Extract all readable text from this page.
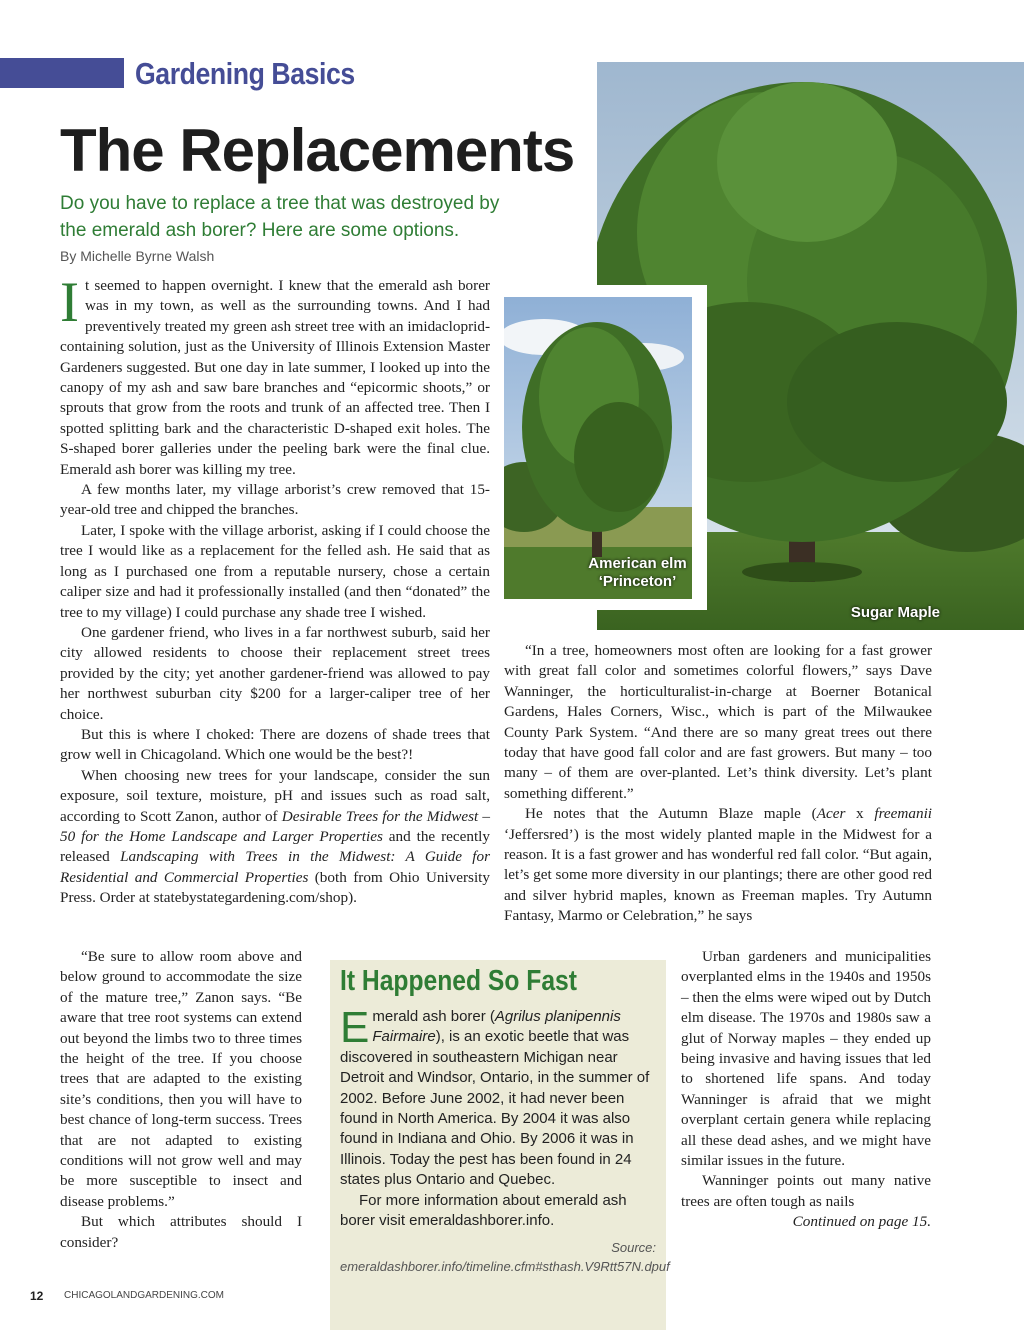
Gardening Basics
The Replacements
Do you have to replace a tree that was destroyed by the emerald ash borer? Here are some options.
By Michelle Byrne Walsh
American elm
‘Princeton’
Sugar Maple

It seemed to happen overnight. I knew that the emerald ash borer was in my town, as well as the surrounding towns. And I had preventively treated my green ash street tree with an imidacloprid-containing solution, just as the University of Illinois Extension Master Gardeners suggested. But one day in late summer, I looked up into the canopy of my ash and saw bare branches and “epicormic shoots,” or sprouts that grow from the roots and trunk of an affected tree. Then I spotted splitting bark and the characteristic D-shaped exit holes. The S-shaped borer galleries under the peeling bark were the final clue. Emerald ash borer was killing my tree.

A few months later, my village arborist’s crew removed that 15-year-old tree and chipped the branches.

Later, I spoke with the village arborist, asking if I could choose the tree I would like as a replacement for the felled ash. He said that as long as I purchased one from a reputable nursery, chose a certain caliper size and had it professionally installed (and then “donated” the tree to my village) I could purchase any shade tree I wished.

One gardener friend, who lives in a far northwest suburb, said her city allowed residents to choose their replacement street trees provided by the city; yet another gardener-friend was allowed to pay her northwest suburban city $200 for a larger-caliper tree of her choice.

But this is where I choked: There are dozens of shade trees that grow well in Chicagoland. Which one would be the best?!

When choosing new trees for your landscape, consider the sun exposure, soil texture, moisture, pH and issues such as road salt, according to Scott Zanon, author of Desirable Trees for the Midwest – 50 for the Home Landscape and Larger Properties and the recently released Landscaping with Trees in the Midwest: A Guide for Residential and Commercial Properties (both from Ohio University Press. Order at statebystategardening.com/shop).

“Be sure to allow room above and below ground to accommodate the size of the mature tree,” Zanon says. “Be aware that tree root systems can extend out beyond the limbs two to three times the height of the tree. If you choose trees that are adapted to the existing site’s conditions, then you will have to best chance of long-term success. Trees that are not adapted to existing conditions will not grow well and may be more susceptible to insect and disease problems.”

But which attributes should I consider?

“In a tree, homeowners most often are looking for a fast grower with great fall color and sometimes colorful flowers,” says Dave Wanninger, the horticulturalist-in-charge at Boerner Botanical Gardens, Hales Corners, Wisc., which is part of the Milwaukee County Park System. “And there are so many great trees out there today that have good fall color and are fast growers. But many – too many – of them are over-planted. Let’s think diversity. Let’s plant something different.”

He notes that the Autumn Blaze maple (Acer x freemanii ‘Jeffersred’) is the most widely planted maple in the Midwest for a reason. It is a fast grower and has wonderful red fall color. “But again, let’s get some more diversity in our plantings; there are other good red and silver hybrid maples, known as Freeman maples. Try Autumn Fantasy, Marmo or Celebration,” he says

Urban gardeners and municipalities overplanted elms in the 1940s and 1950s – then the elms were wiped out by Dutch elm disease. The 1970s and 1980s saw a glut of Norway maples – they ended up being invasive and having issues that led to shortened life spans. And today Wanninger is afraid that we might overplant certain genera while replacing all these dead ashes, and we might have similar issues in the future.

Wanninger points out many native trees are often tough as nails

Continued on page 15.

It Happened So Fast

Emerald ash borer (Agrilus planipennis Fairmaire), is an exotic beetle that was discovered in southeastern Michigan near Detroit and Windsor, Ontario, in the summer of 2002. Before June 2002, it had never been found in North America. By 2004 it was also found in Indiana and Ohio. By 2006 it was in Illinois. Today the pest has been found in 24 states plus Ontario and Quebec.

For more information about emerald ash borer visit emeraldashborer.info.

Source: emeraldashborer.info/timeline.cfm#sthash.V9Rtt57N.dpuf
12 CHICAGOLANDGARDENING.COM
